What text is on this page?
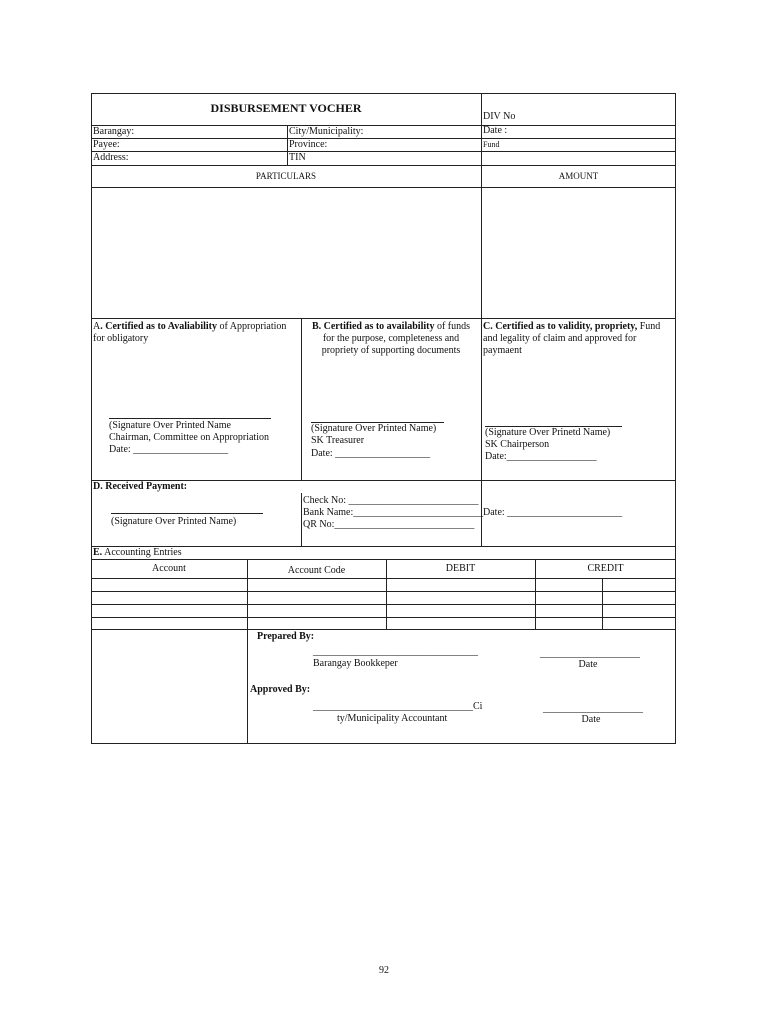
DISBURSEMENT VOCHER
DIV No
Date :
Fund
Barangay:	City/Municipality:
Payee:	Province:
Address:	TIN
PARTICULARS	AMOUNT
A. Certified as to Avaliability of Appropriation
for obligatory
(Signature Over Printed Name
Chairman, Committee on Appropriation
Date: ___________________
B. Certified as to availability of funds
for the purpose, completeness and
propriety of supporting documents
(Signature Over Printed Name)
SK Treasurer
Date: ___________________
C. Certified as to validity, propriety, Fund
and legality of claim and approved for
paymaent
(Signature Over Prinetd Name)
SK Chairperson
Date:__________________
D. Received Payment:
(Signature Over Printed Name)
Check No: __________________________
Bank Name:__________________________
QR No:____________________________
Date: _______________________
E. Accounting Entries
Account	Account Code	DEBIT	CREDIT
Prepared By:
_________________________________
Barangay Bookkeper
____________________
Date
Approved By:
________________________________Ci
ty/Municipality Accountant
____________________
Date
92
